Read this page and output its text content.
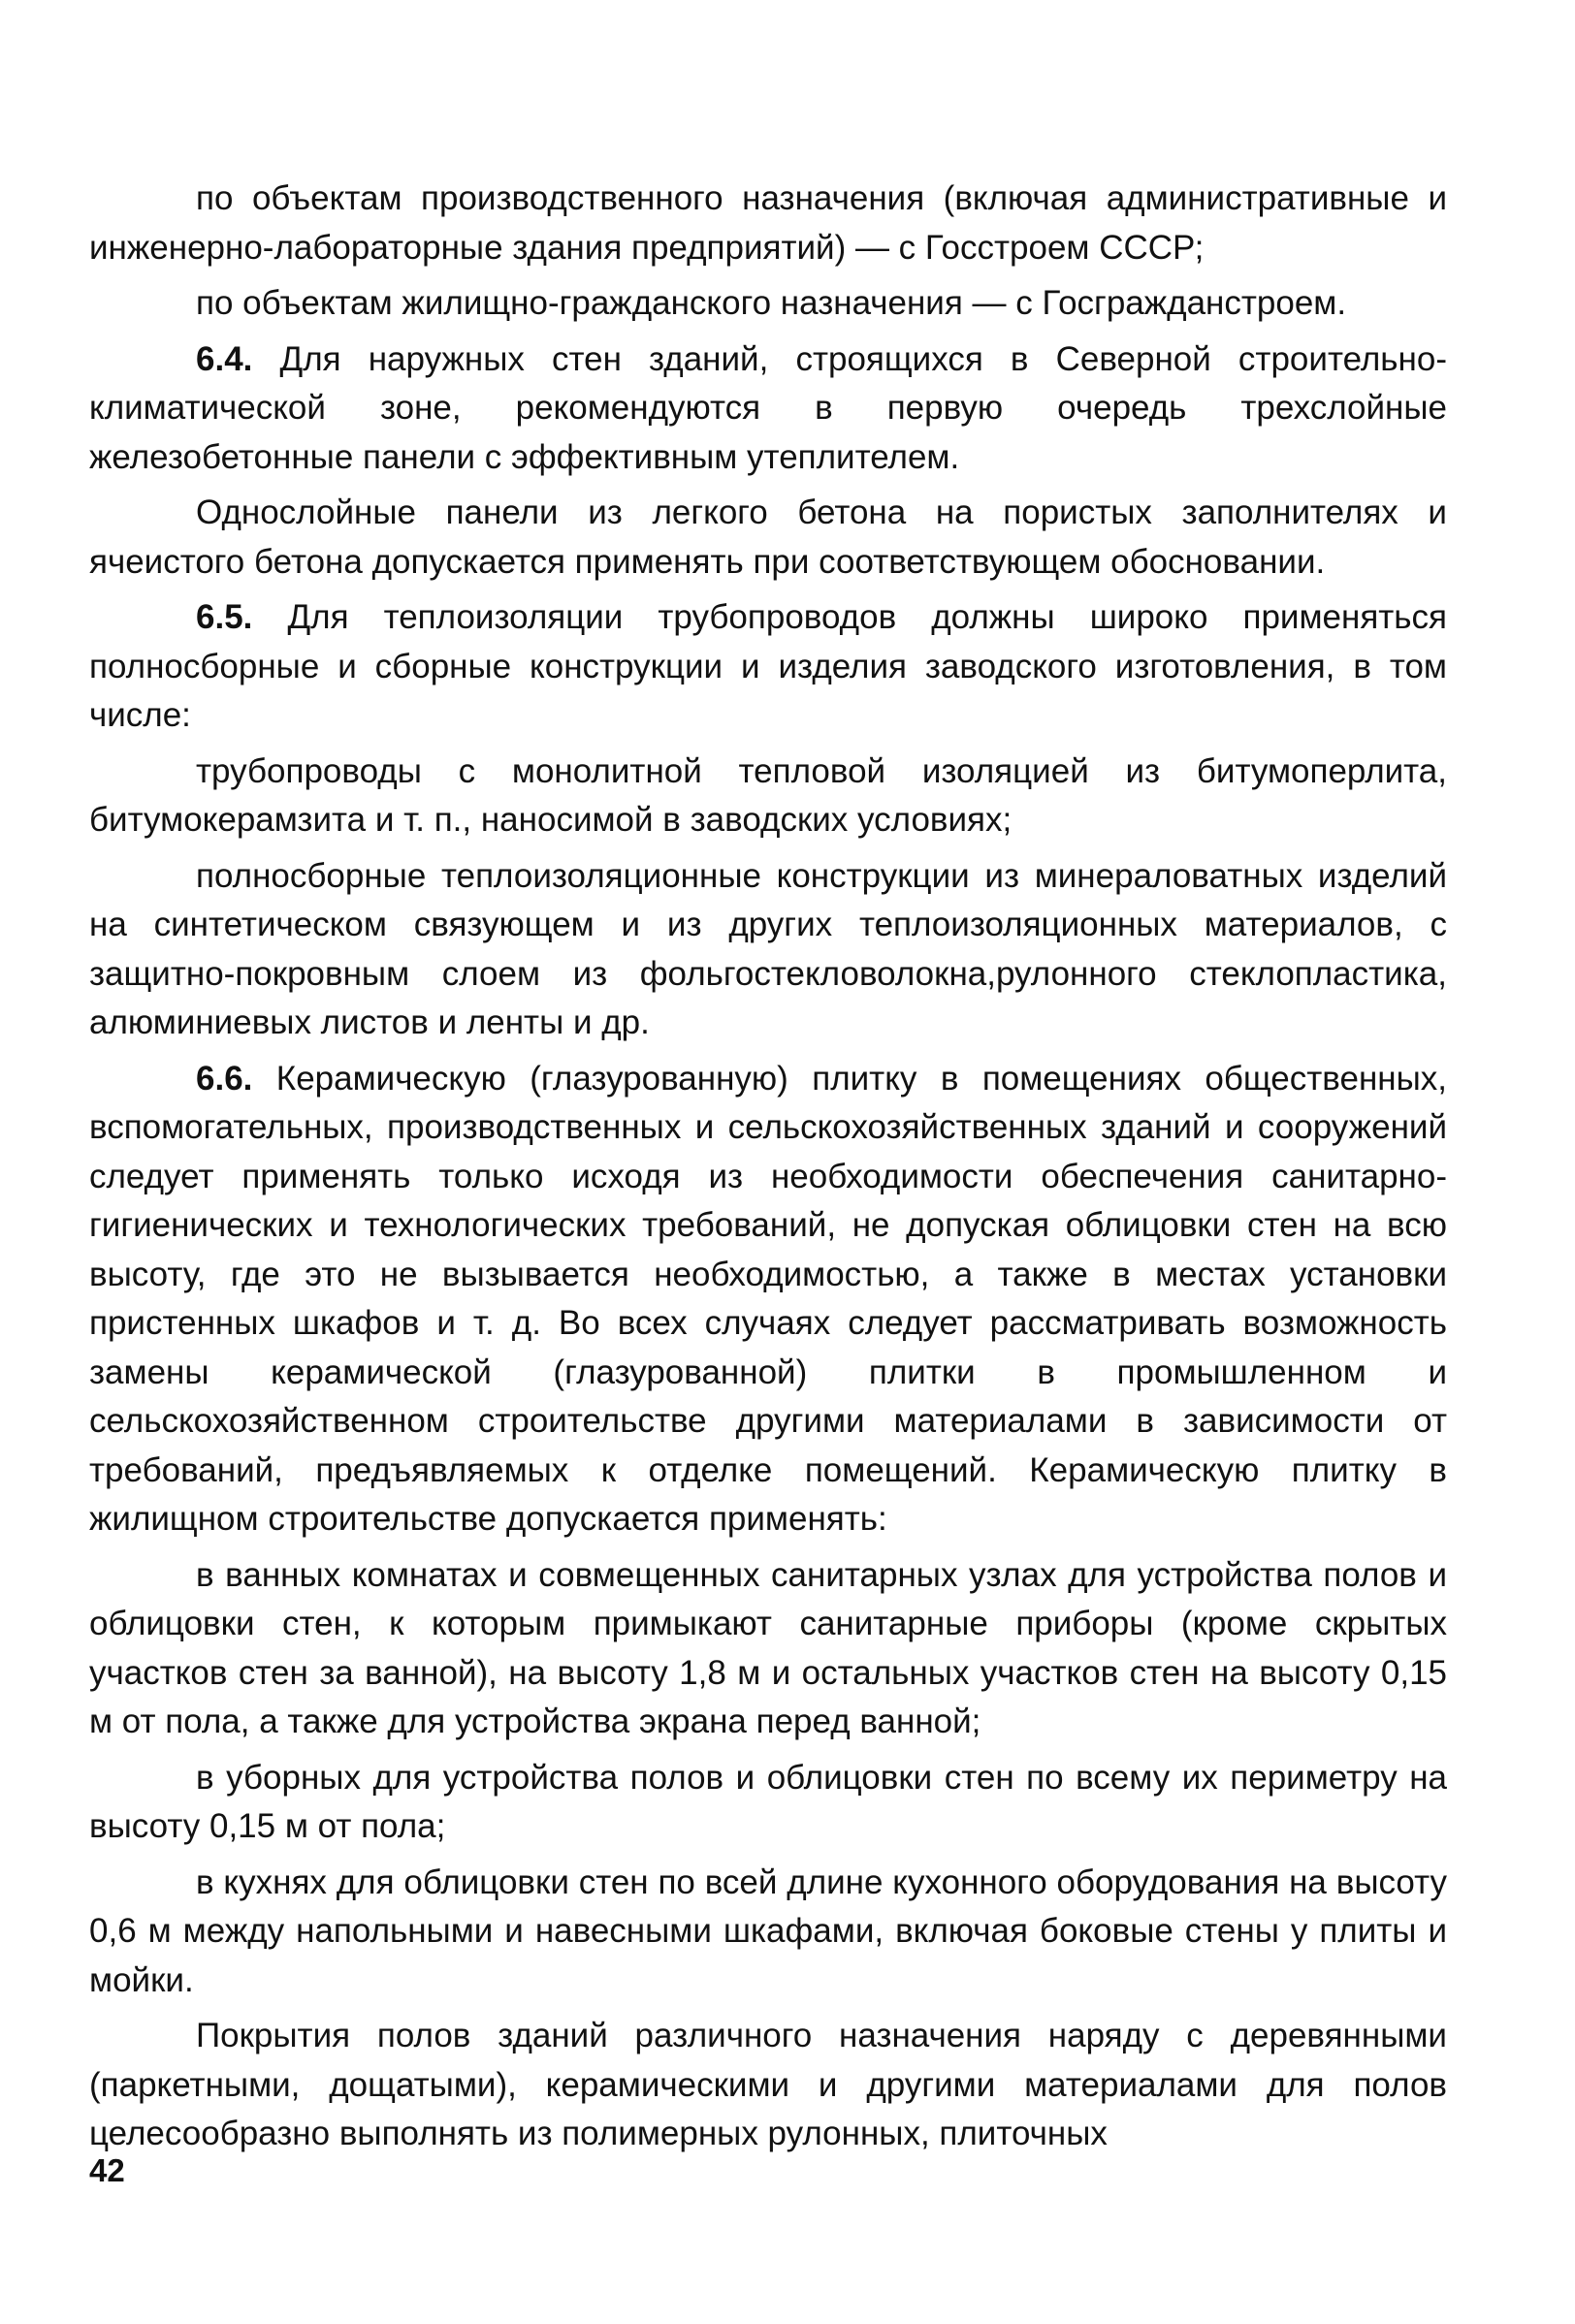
по объектам производственного назначения (включая административные и инженерно-лабораторные здания предприятий) — с Госстроем СССР;

по объектам жилищно-гражданского назначения — с Госгражданстроем.

6.4. Для наружных стен зданий, строящихся в Северной строительно-климатической зоне, рекомендуются в первую очередь трехслойные железобетонные панели с эффективным утеплителем.

Однослойные панели из легкого бетона на пористых заполнителях и ячеистого бетона допускается применять при соответствующем обосновании.

6.5. Для теплоизоляции трубопроводов должны широко применяться полносборные и сборные конструкции и изделия заводского изготовления, в том числе:

трубопроводы с монолитной тепловой изоляцией из битумоперлита, битумокерамзита и т. п., наносимой в заводских условиях;

полносборные теплоизоляционные конструкции из минераловатных изделий на синтетическом связующем и из других теплоизоляционных материалов, с защитно-покровным слоем из фольгостекловолокна,рулонного стеклопластика, алюминиевых листов и ленты и др.

6.6. Керамическую (глазурованную) плитку в помещениях общественных, вспомогательных, производственных и сельскохозяйственных зданий и сооружений следует применять только исходя из необходимости обеспечения санитарно-гигиенических и технологических требований, не допуская облицовки стен на всю высоту, где это не вызывается необходимостью, а также в местах установки пристенных шкафов и т. д. Во всех случаях следует рассматривать возможность замены керамической (глазурованной) плитки в промышленном и сельскохозяйственном строительстве другими материалами в зависимости от требований, предъявляемых к отделке помещений. Керамическую плитку в жилищном строительстве допускается применять:

в ванных комнатах и совмещенных санитарных узлах для устройства полов и облицовки стен, к которым примыкают санитарные приборы (кроме скрытых участков стен за ванной), на высоту 1,8 м и остальных участков стен на высоту 0,15 м от пола, а также для устройства экрана перед ванной;

в уборных для устройства полов и облицовки стен по всему их периметру на высоту 0,15 м от пола;

в кухнях для облицовки стен по всей длине кухонного оборудования на высоту 0,6 м между напольными и навесными шкафами, включая боковые стены у плиты и мойки.

Покрытия полов зданий различного назначения наряду с деревянными (паркетными, дощатыми), керамическими и другими материалами для полов целесообразно выполнять из полимерных рулонных, плиточных

42
